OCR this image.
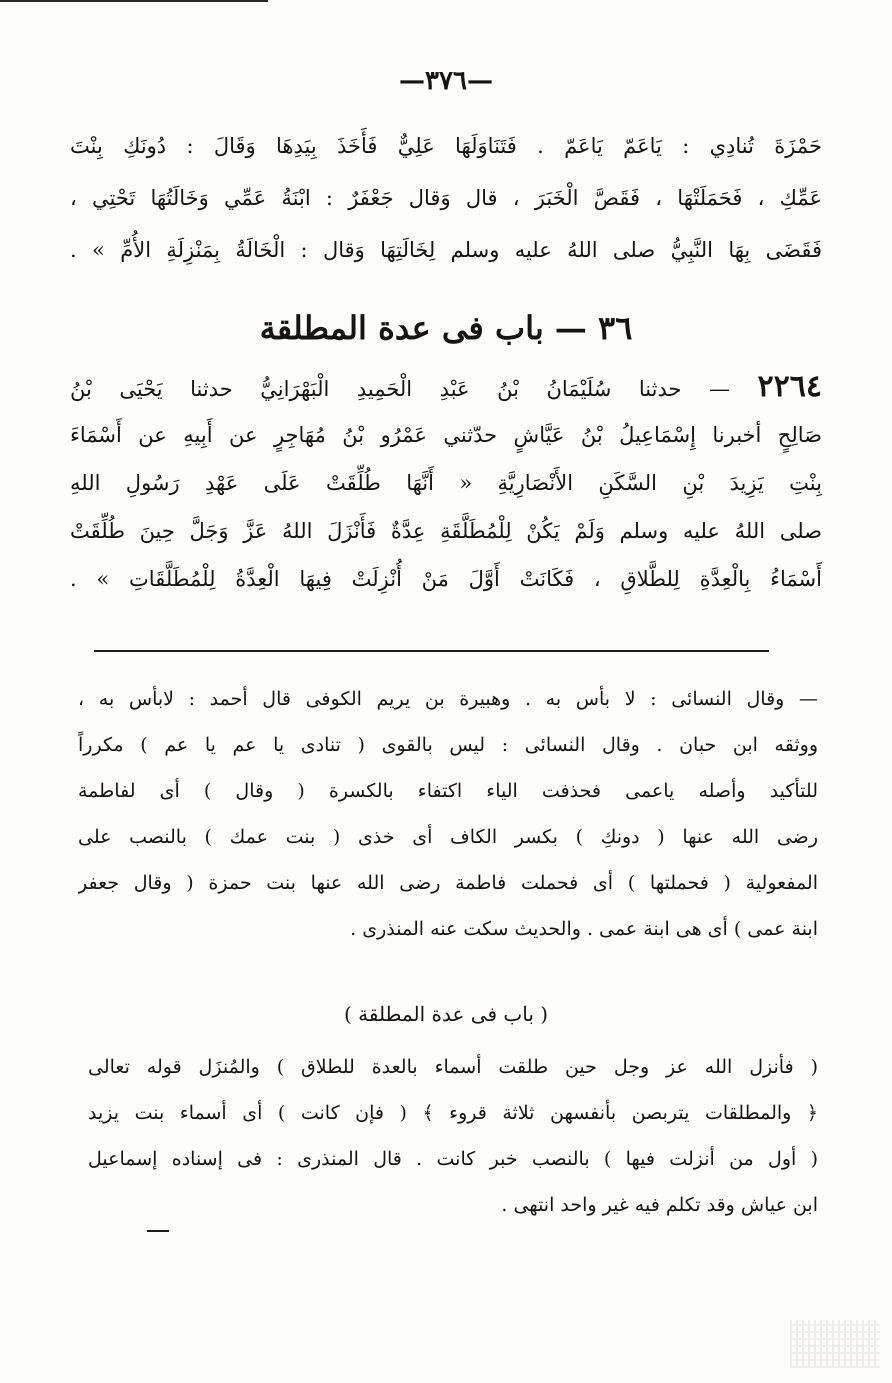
—٣٧٦—
حَمْزَةَ تُنادِي : يَاعَمّ يَاعَمّ . فَتَنَاوَلَهَا عَلِيٌّ فَأَخَذَ بِيَدِهَا وَقَالَ : دُونَكِ بِنْتَ
عَمِّكِ ، فَحَمَلَتْهَا ، فَقَصَّ الْخَبَرَ ، قال وَقال جَعْفَرٌ : ابْنَةُ عَمِّي وَخَالَتُهَا تَحْتِي ،
فَقَضَى بِهَا النَّبِيُّ صلى اللهُ عليه وسلم لِخَالَتِهَا وَقال : الْخَالَةُ بِمَنْزِلَةِ الأُمِّ » .
٣٦ — باب فى عدة المطلقة
٢٢٦٤ — حدثنا سُلَيْمَانُ بْنُ عَبْدِ الْحَمِيدِ الْبَهْرَانِيُّ حدثنا يَحْيَى بْنُ
صَالِحٍ أخبرنا إِسْمَاعِيلُ بْنُ عَيَّاشٍ حدّثني عَمْرُو بْنُ مُهَاجِرٍ عن أَبِيهِ عن أَسْمَاءَ
بِنْتِ يَزِيدَ بْنِ السَّكَنِ الأَنْصَارِيَّةِ « أَنَّهَا طُلِّقَتْ عَلَى عَهْدِ رَسُولِ اللهِ
صلى اللهُ عليه وسلم وَلَمْ يَكُنْ لِلْمُطَلَّقَةِ عِدَّةٌ فَأَنْزَلَ اللهُ عَزَّ وَجَلَّ حِينَ طُلِّقَتْ
أَسْمَاءُ بِالْعِدَّةِ لِلطَّلاقِ ، فَكَانَتْ أَوَّلَ مَنْ أُنْزِلَتْ فِيهَا الْعِدَّةُ لِلْمُطَلَّقَاتِ » .
— وقال النسائى : لا بأس به . وهبيرة بن يريم الكوفى قال أحمد : لابأس به ،
ووثقه ابن حبان . وقال النسائى : ليس بالقوى ( تنادى يا عم يا عم ) مكرراً
للتأكيد وأصله ياعمى فحذفت الياء اكتفاء بالكسرة ( وقال ) أى لفاطمة
رضى الله عنها ( دونكِ ) بكسر الكاف أى خذى ( بنت عمك ) بالنصب على
المفعولية ( فحملتها ) أى فحملت فاطمة رضى الله عنها بنت حمزة ( وقال جعفر
ابنة عمى ) أى هى ابنة عمى . والحديث سكت عنه المنذرى .
( باب فى عدة المطلقة )
( فأنزل الله عز وجل حين طلقت أسماء بالعدة للطلاق ) والمُنزَل قوله تعالى
﴿ والمطلقات يتربصن بأنفسهن ثلاثة قروء ﴾ ( فإن كانت ) أى أسماء بنت يزيد
( أول من أنزلت فيها ) بالنصب خبر كانت . قال المنذرى : فى إسناده إسماعيل
ابن عياش وقد تكلم فيه غير واحد انتهى .
